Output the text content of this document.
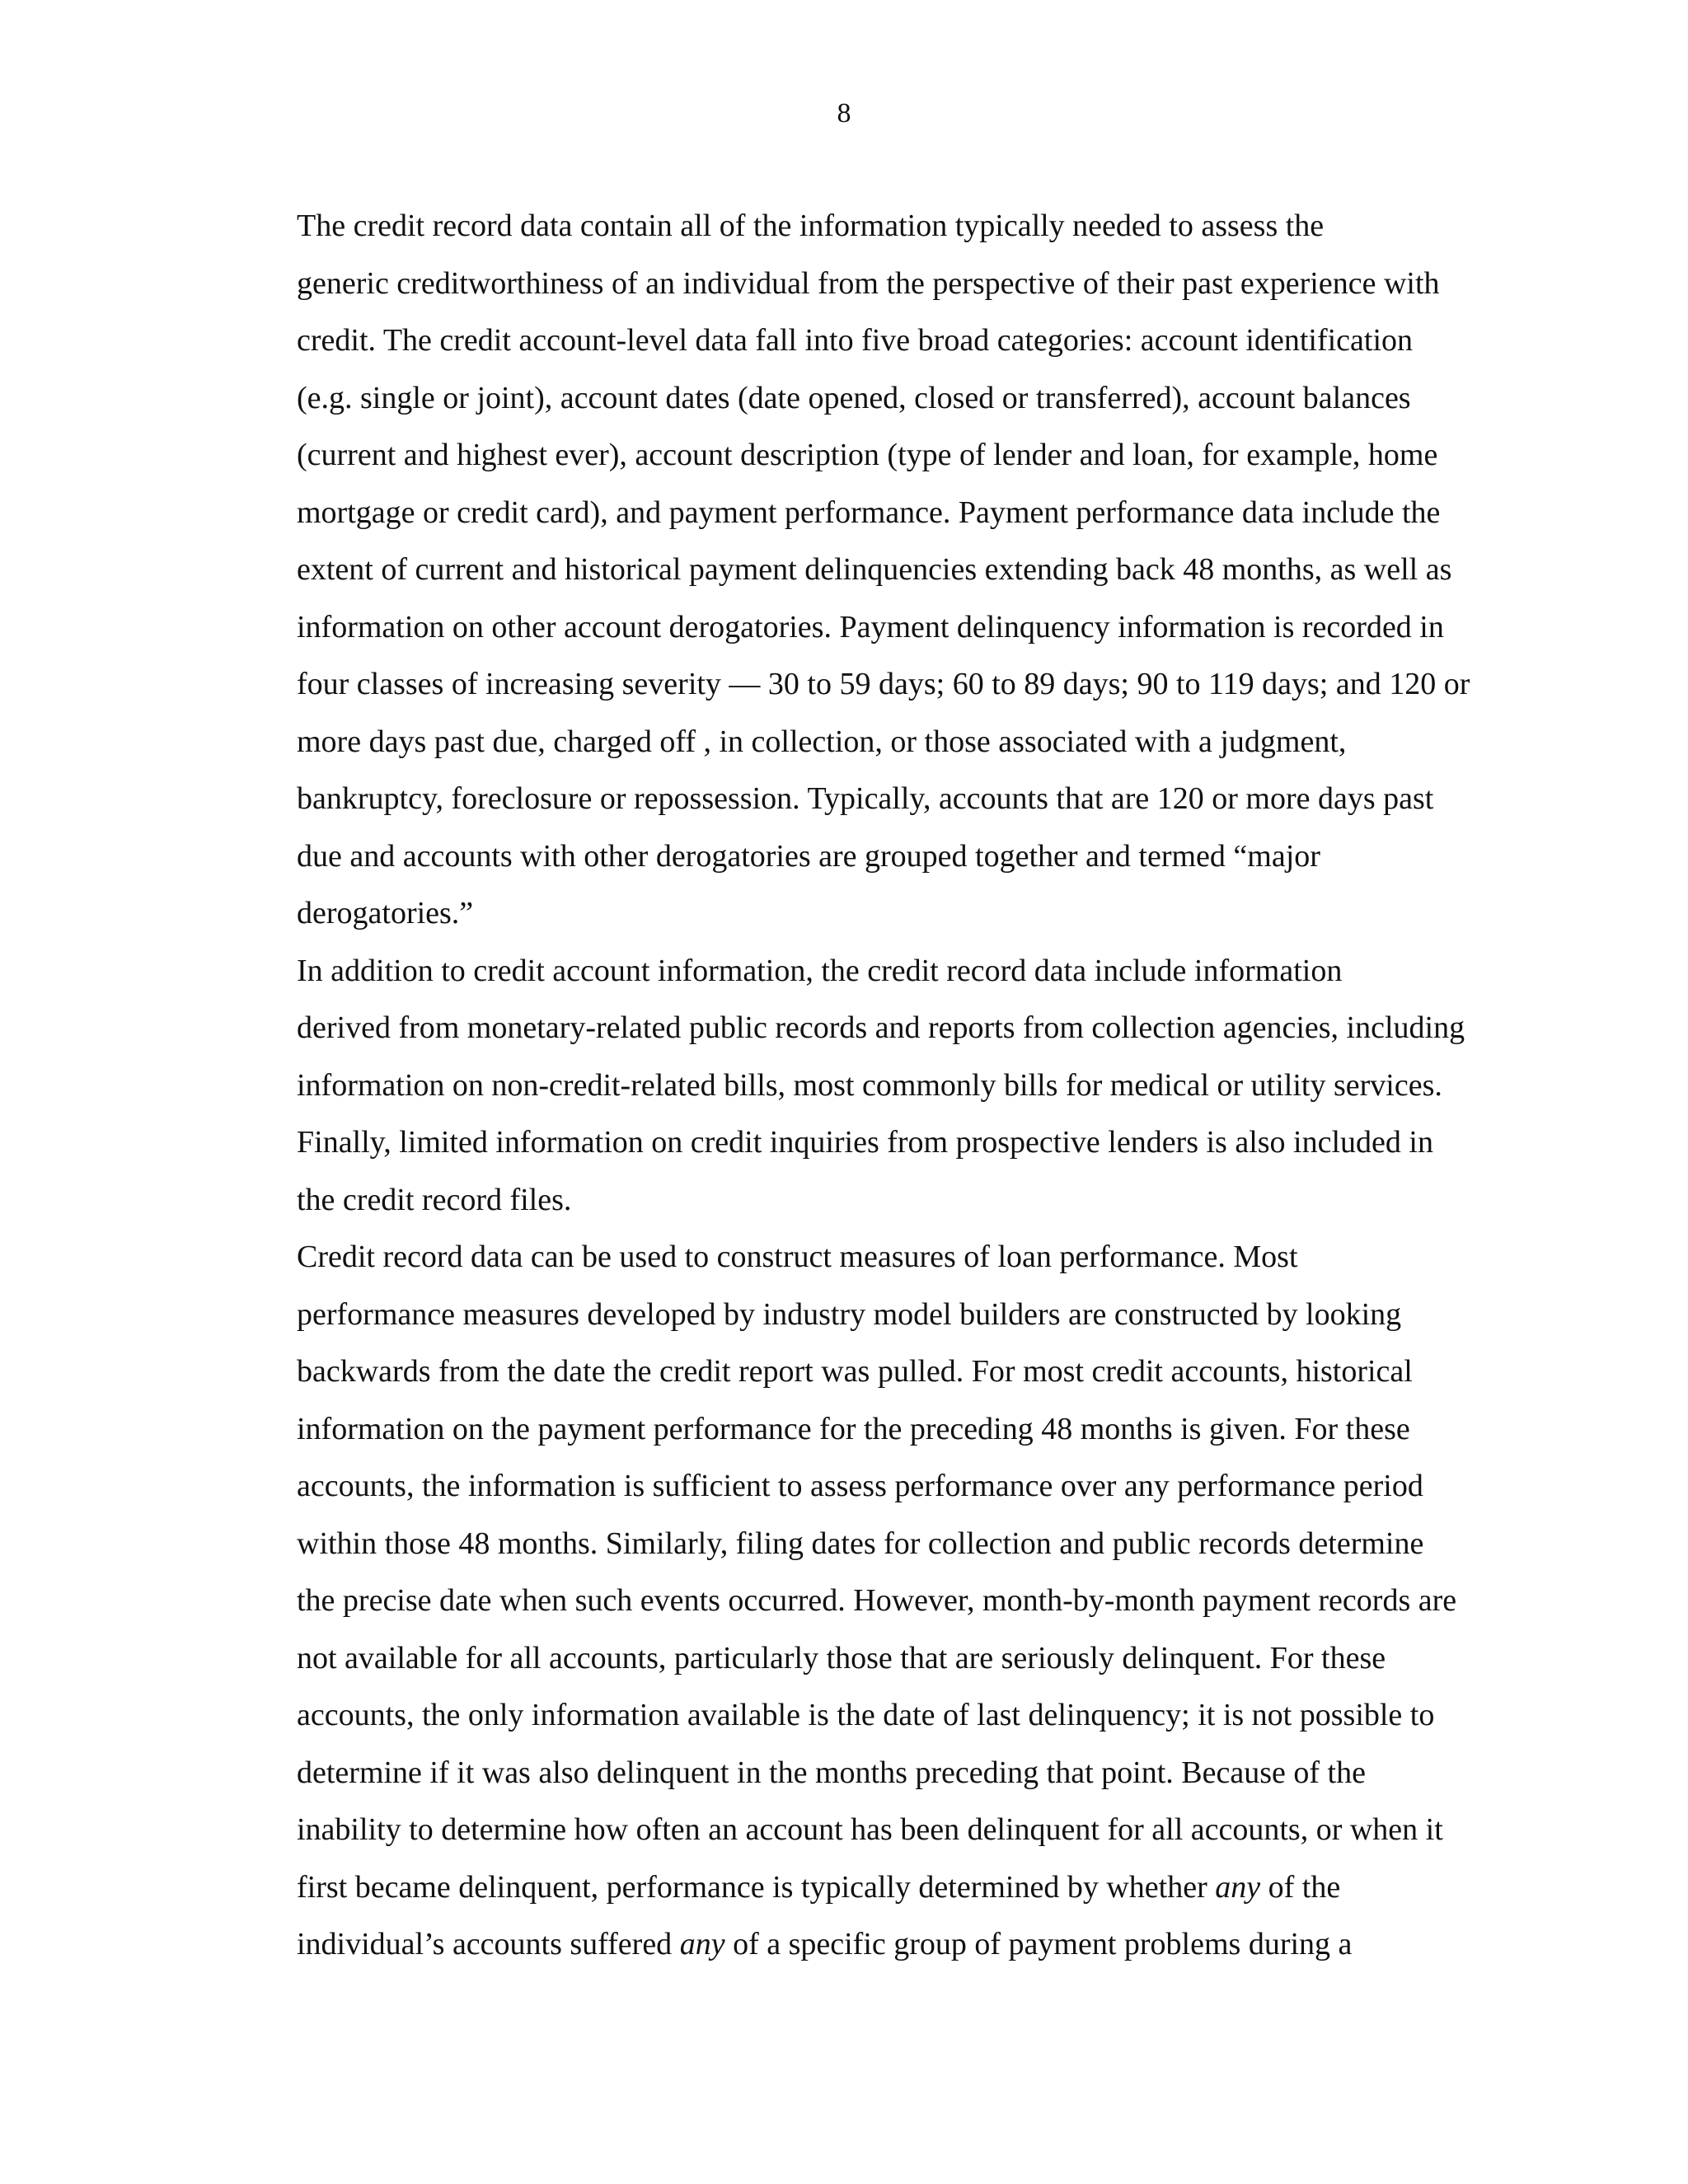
8

The credit record data contain all of the information typically needed to assess the
generic creditworthiness of an individual from the perspective of their past experience with
credit. The credit account-level data fall into five broad categories: account identification
(e.g. single or joint), account dates (date opened, closed or transferred), account balances
(current and highest ever), account description (type of lender and loan, for example, home
mortgage or credit card), and payment performance. Payment performance data include the
extent of current and historical payment delinquencies extending back 48 months, as well as
information on other account derogatories. Payment delinquency information is recorded in
four classes of increasing severity — 30 to 59 days; 60 to 89 days; 90 to 119 days; and 120 or
more days past due, charged off , in collection, or those associated with a judgment,
bankruptcy, foreclosure or repossession. Typically, accounts that are 120 or more days past
due and accounts with other derogatories are grouped together and termed “major
derogatories.”

In addition to credit account information, the credit record data include information
derived from monetary-related public records and reports from collection agencies, including
information on non-credit-related bills, most commonly bills for medical or utility services.
Finally, limited information on credit inquiries from prospective lenders is also included in
the credit record files.

Credit record data can be used to construct measures of loan performance. Most
performance measures developed by industry model builders are constructed by looking
backwards from the date the credit report was pulled. For most credit accounts, historical
information on the payment performance for the preceding 48 months is given. For these
accounts, the information is sufficient to assess performance over any performance period
within those 48 months. Similarly, filing dates for collection and public records determine
the precise date when such events occurred. However, month-by-month payment records are
not available for all accounts, particularly those that are seriously delinquent. For these
accounts, the only information available is the date of last delinquency; it is not possible to
determine if it was also delinquent in the months preceding that point. Because of the
inability to determine how often an account has been delinquent for all accounts, or when it
first became delinquent, performance is typically determined by whether any of the
individual’s accounts suffered any of a specific group of payment problems during a
